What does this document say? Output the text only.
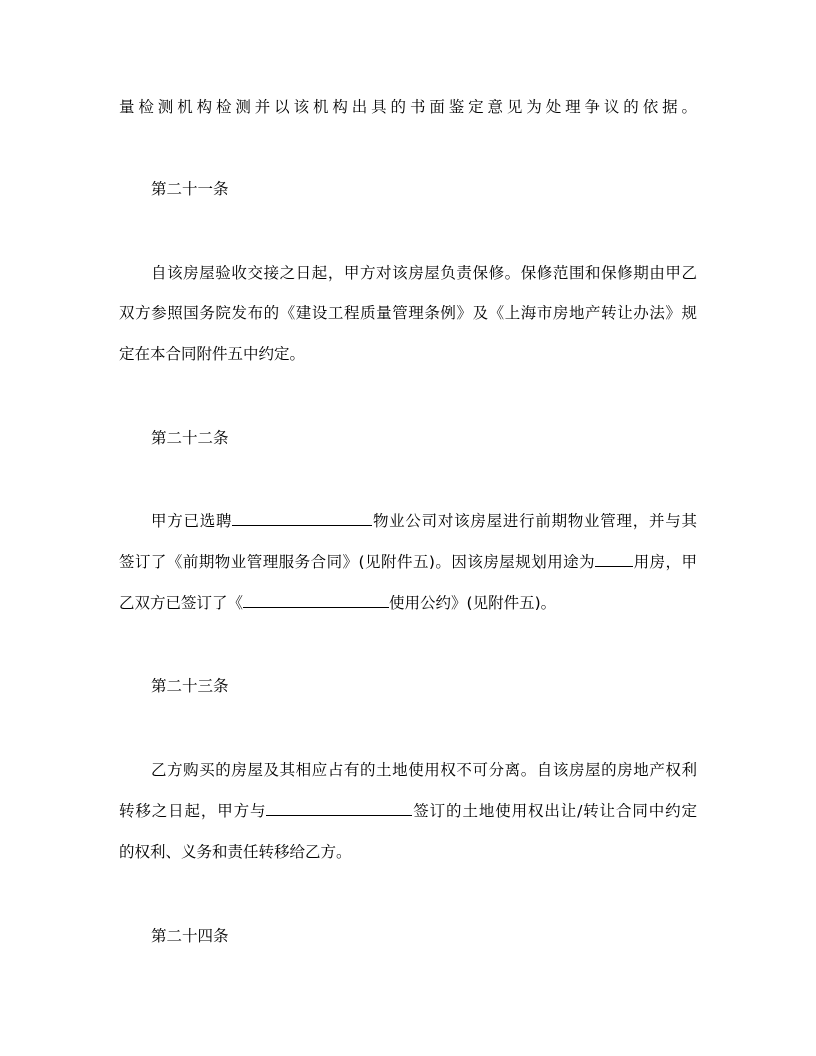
量检测机构检测并以该机构出具的书面鉴定意见为处理争议的依据。
第二十一条
自该房屋验收交接之日起，甲方对该房屋负责保修。保修范围和保修期由甲乙
双方参照国务院发布的《建设工程质量管理条例》及《上海市房地产转让办法》规
定在本合同附件五中约定。
第二十二条
甲方已选聘	物业公司对该房屋进行前期物业管理，并与其
签订了《前期物业管理服务合同》(见附件五)。因该房屋规划用途为 用房，甲
乙双方已签订了《	使用公约》(见附件五)。
第二十三条
乙方购买的房屋及其相应占有的土地使用权不可分离。自该房屋的房地产权利
转移之日起，甲方与	签订的土地使用权出让/转让合同中约定
的权利、义务和责任转移给乙方。
第二十四条
